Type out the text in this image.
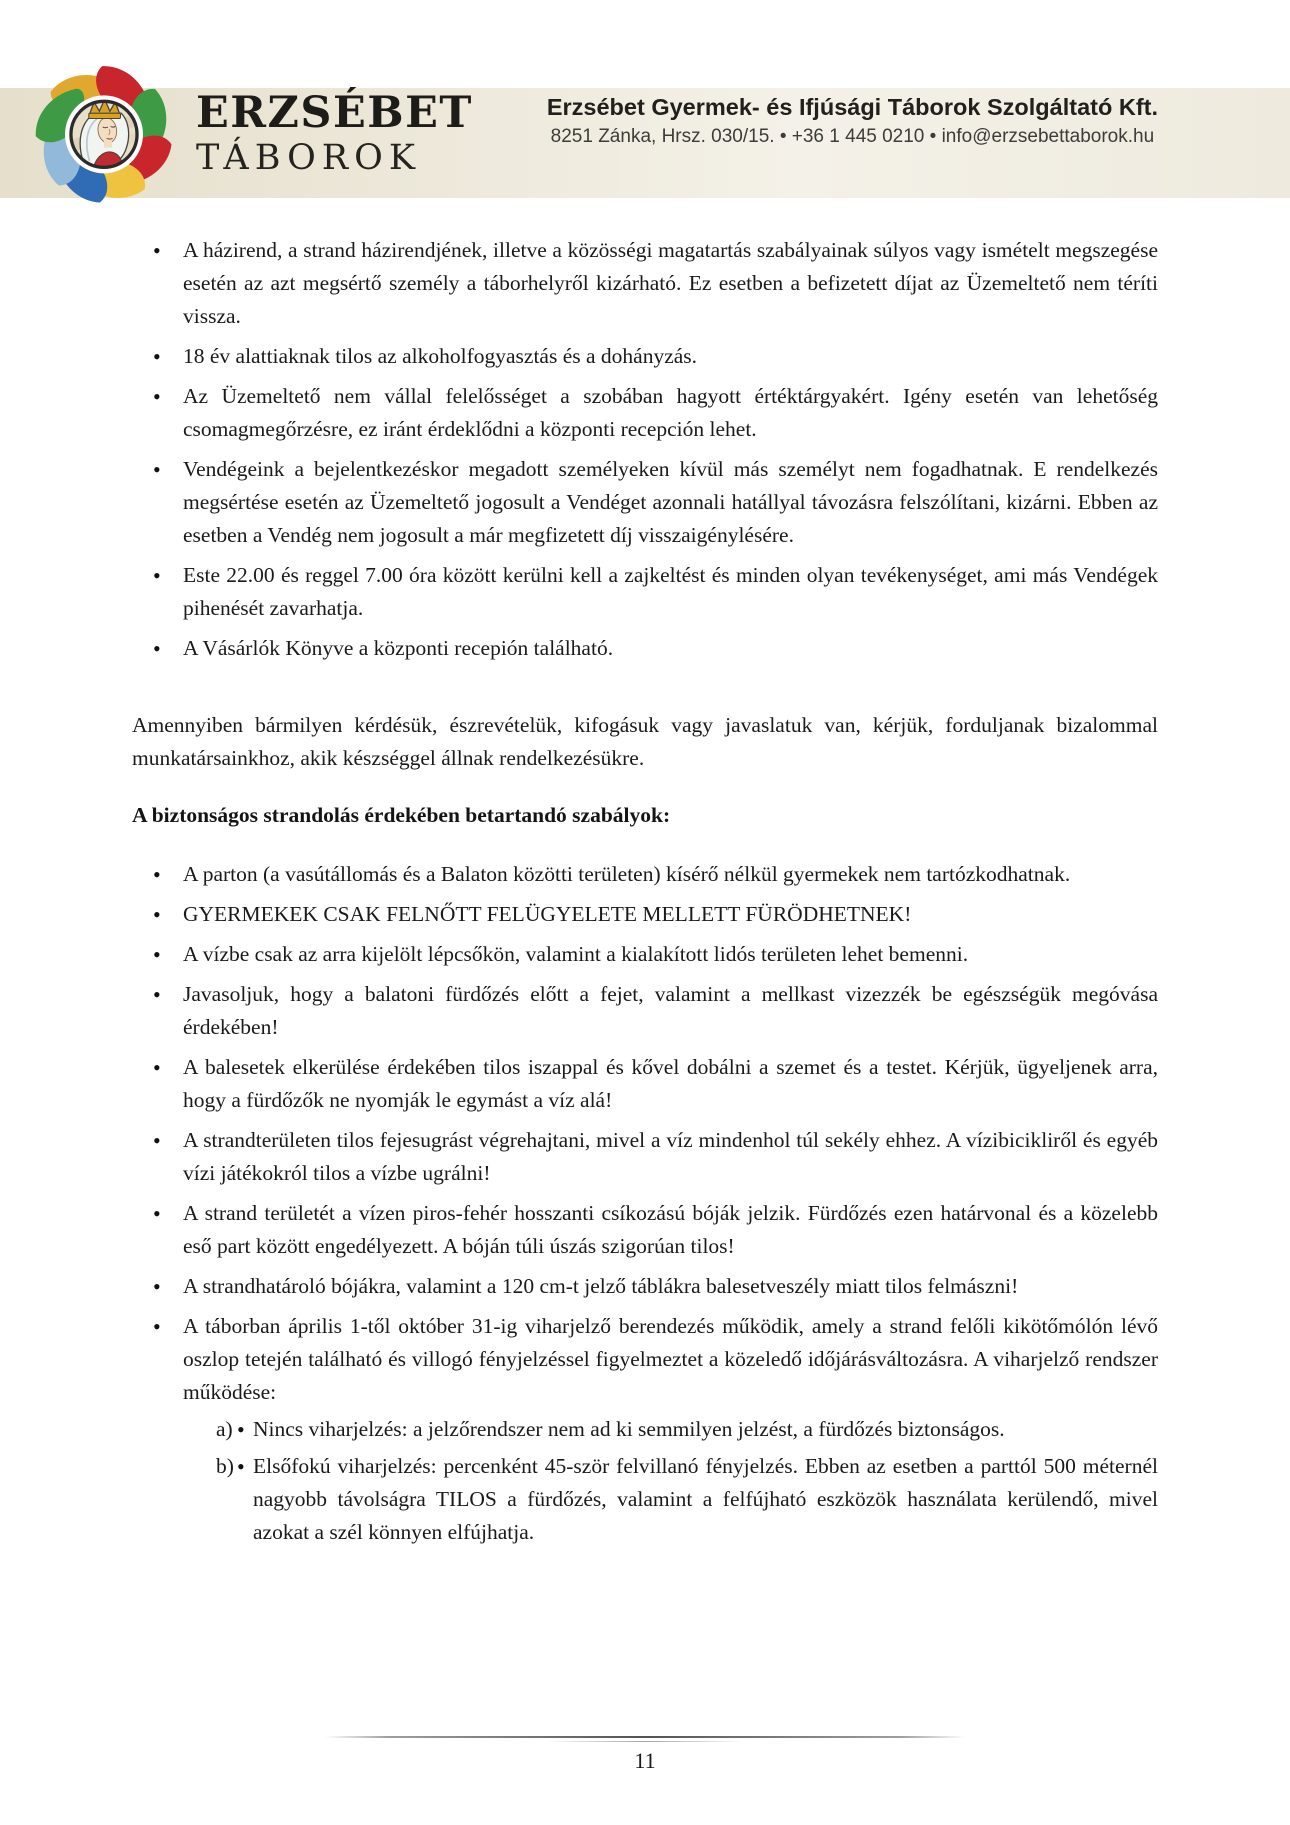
ERZSÉBET
TÁBOROK
Erzsébet Gyermek- és Ifjúsági Táborok Szolgáltató Kft.
8251 Zánka, Hrsz. 030/15. • +36 1 445 0210 • info@erzsebettaborok.hu
• A házirend, a strand házirendjének, illetve a közösségi magatartás szabályainak súlyos vagy ismételt megszegése esetén az azt megsértő személy a táborhelyről kizárható. Ez esetben a befizetett díjat az Üzemeltető nem téríti vissza.
• 18 év alattiaknak tilos az alkoholfogyasztás és a dohányzás.
• Az Üzemeltető nem vállal felelősséget a szobában hagyott értéktárgyakért. Igény esetén van lehetőség csomagmegőrzésre, ez iránt érdeklődni a központi recepción lehet.
• Vendégeink a bejelentkezéskor megadott személyeken kívül más személyt nem fogadhatnak. E rendelkezés megsértése esetén az Üzemeltető jogosult a Vendéget azonnali hatállyal távozásra felszólítani, kizárni. Ebben az esetben a Vendég nem jogosult a már megfizetett díj visszaigénylésére.
• Este 22.00 és reggel 7.00 óra között kerülni kell a zajkeltést és minden olyan tevékenységet, ami más Vendégek pihenését zavarhatja.
• A Vásárlók Könyve a központi recepión található.

Amennyiben bármilyen kérdésük, észrevételük, kifogásuk vagy javaslatuk van, kérjük, forduljanak bizalommal munkatársainkhoz, akik készséggel állnak rendelkezésükre.

A biztonságos strandolás érdekében betartandó szabályok:
• A parton (a vasútállomás és a Balaton közötti területen) kísérő nélkül gyermekek nem tartózkodhatnak.
• GYERMEKEK CSAK FELNŐTT FELÜGYELETE MELLETT FÜRÖDHETNEK!
• A vízbe csak az arra kijelölt lépcsőkön, valamint a kialakított lidós területen lehet bemenni.
• Javasoljuk, hogy a balatoni fürdőzés előtt a fejet, valamint a mellkast vizezzék be egészségük megóvása érdekében!
• A balesetek elkerülése érdekében tilos iszappal és kővel dobálni a szemet és a testet. Kérjük, ügyeljenek arra, hogy a fürdőzők ne nyomják le egymást a víz alá!
• A strandterületen tilos fejesugrást végrehajtani, mivel a víz mindenhol túl sekély ehhez. A vízibicikliről és egyéb vízi játékokról tilos a vízbe ugrálni!
• A strand területét a vízen piros-fehér hosszanti csíkozású bóják jelzik. Fürdőzés ezen határvonal és a közelebb eső part között engedélyezett. A bóján túli úszás szigorúan tilos!
• A strandhatároló bójákra, valamint a 120 cm-t jelző táblákra balesetveszély miatt tilos felmászni!
• A táborban április 1-től október 31-ig viharjelző berendezés működik, amely a strand felőli kikötőmólón lévő oszlop tetején található és villogó fényjelzéssel figyelmeztet a közeledő időjárásváltozásra. A viharjelző rendszer működése:
• a) Nincs viharjelzés: a jelzőrendszer nem ad ki semmilyen jelzést, a fürdőzés biztonságos.
• b) Elsőfokú viharjelzés: percenként 45-ször felvillanó fényjelzés. Ebben az esetben a parttól 500 méternél nagyobb távolságra TILOS a fürdőzés, valamint a felfújható eszközök használata kerülendő, mivel azokat a szél könnyen elfújhatja.
11
